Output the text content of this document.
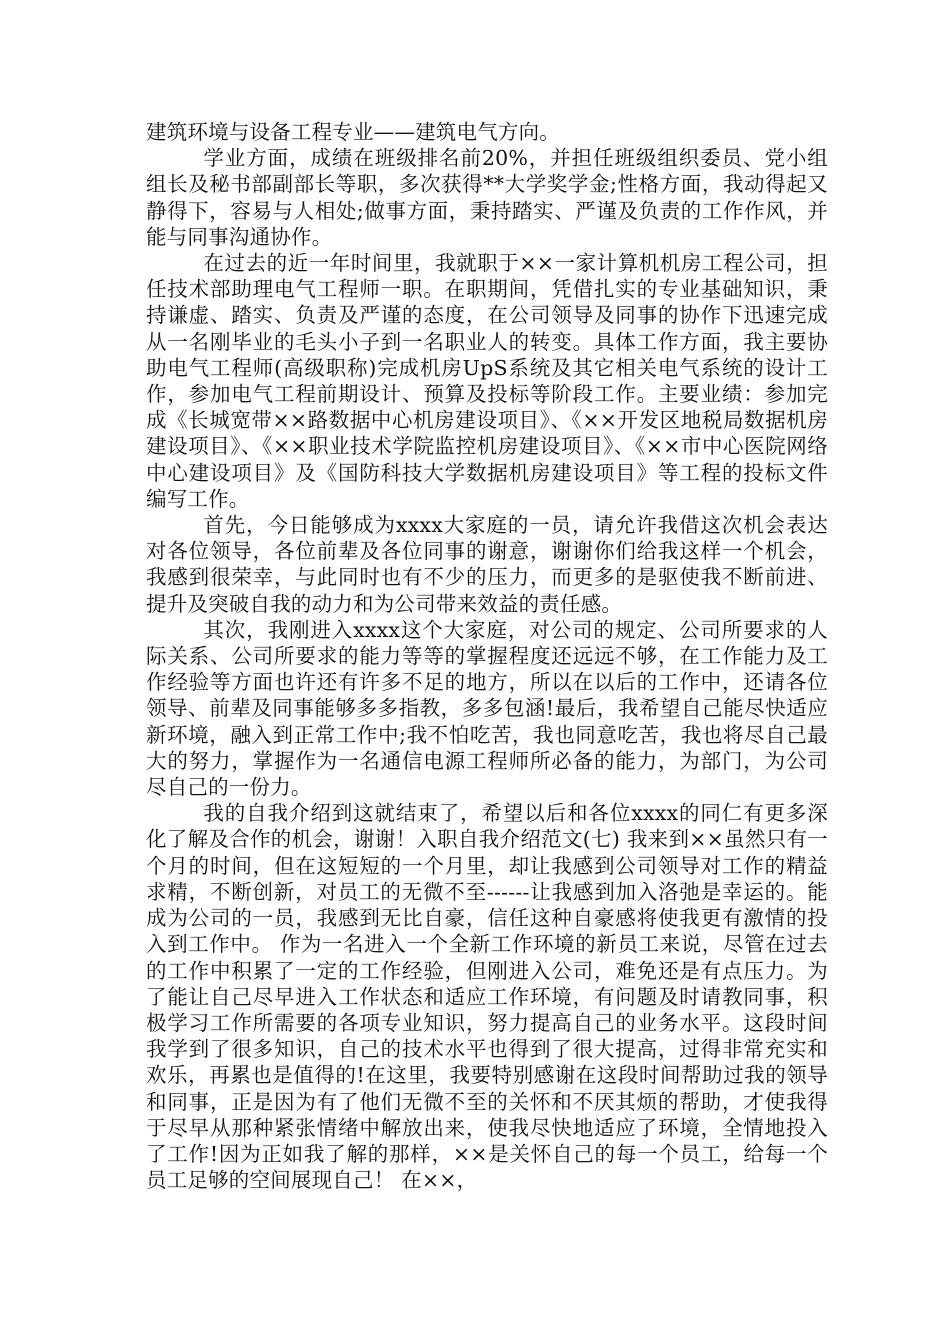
建筑环境与设备工程专业——建筑电气方向。

学业方面，成绩在班级排名前20%，并担任班级组织委员、党小组组长及秘书部副部长等职，多次获得**大学奖学金;性格方面，我动得起又静得下，容易与人相处;做事方面，秉持踏实、严谨及负责的工作作风，并能与同事沟通协作。

在过去的近一年时间里，我就职于××一家计算机机房工程公司，担任技术部助理电气工程师一职。在职期间，凭借扎实的专业基础知识，秉持谦虚、踏实、负责及严谨的态度，在公司领导及同事的协作下迅速完成从一名刚毕业的毛头小子到一名职业人的转变。具体工作方面，我主要协助电气工程师(高级职称)完成机房UpS系统及其它相关电气系统的设计工作，参加电气工程前期设计、预算及投标等阶段工作。主要业绩：参加完成《长城宽带××路数据中心机房建设项目》、《××开发区地税局数据机房建设项目》、《××职业技术学院监控机房建设项目》、《××市中心医院网络中心建设项目》及《国防科技大学数据机房建设项目》等工程的投标文件编写工作。

首先，今日能够成为xxxx大家庭的一员，请允许我借这次机会表达对各位领导，各位前辈及各位同事的谢意，谢谢你们给我这样一个机会，我感到很荣幸，与此同时也有不少的压力，而更多的是驱使我不断前进、提升及突破自我的动力和为公司带来效益的责任感。

其次，我刚进入xxxx这个大家庭，对公司的规定、公司所要求的人际关系、公司所要求的能力等等的掌握程度还远远不够，在工作能力及工作经验等方面也许还有许多不足的地方，所以在以后的工作中，还请各位领导、前辈及同事能够多多指教，多多包涵!最后，我希望自己能尽快适应新环境，融入到正常工作中;我不怕吃苦，我也同意吃苦，我也将尽自己最大的努力，掌握作为一名通信电源工程师所必备的能力，为部门，为公司尽自己的一份力。

我的自我介绍到这就结束了，希望以后和各位xxxx的同仁有更多深化了解及合作的机会，谢谢！入职自我介绍范文(七) 我来到××虽然只有一个月的时间，但在这短短的一个月里，却让我感到公司领导对工作的精益求精，不断创新，对员工的无微不至------让我感到加入洛弛是幸运的。能成为公司的一员，我感到无比自豪，信任这种自豪感将使我更有激情的投入到工作中。 作为一名进入一个全新工作环境的新员工来说，尽管在过去的工作中积累了一定的工作经验，但刚进入公司，难免还是有点压力。为了能让自己尽早进入工作状态和适应工作环境，有问题及时请教同事，积极学习工作所需要的各项专业知识，努力提高自己的业务水平。这段时间我学到了很多知识，自己的技术水平也得到了很大提高，过得非常充实和欢乐，再累也是值得的!在这里，我要特别感谢在这段时间帮助过我的领导和同事，正是因为有了他们无微不至的关怀和不厌其烦的帮助，才使我得于尽早从那种紧张情绪中解放出来，使我尽快地适应了环境，全情地投入了工作!因为正如我了解的那样，××是关怀自己的每一个员工，给每一个员工足够的空间展现自己！ 在××，
